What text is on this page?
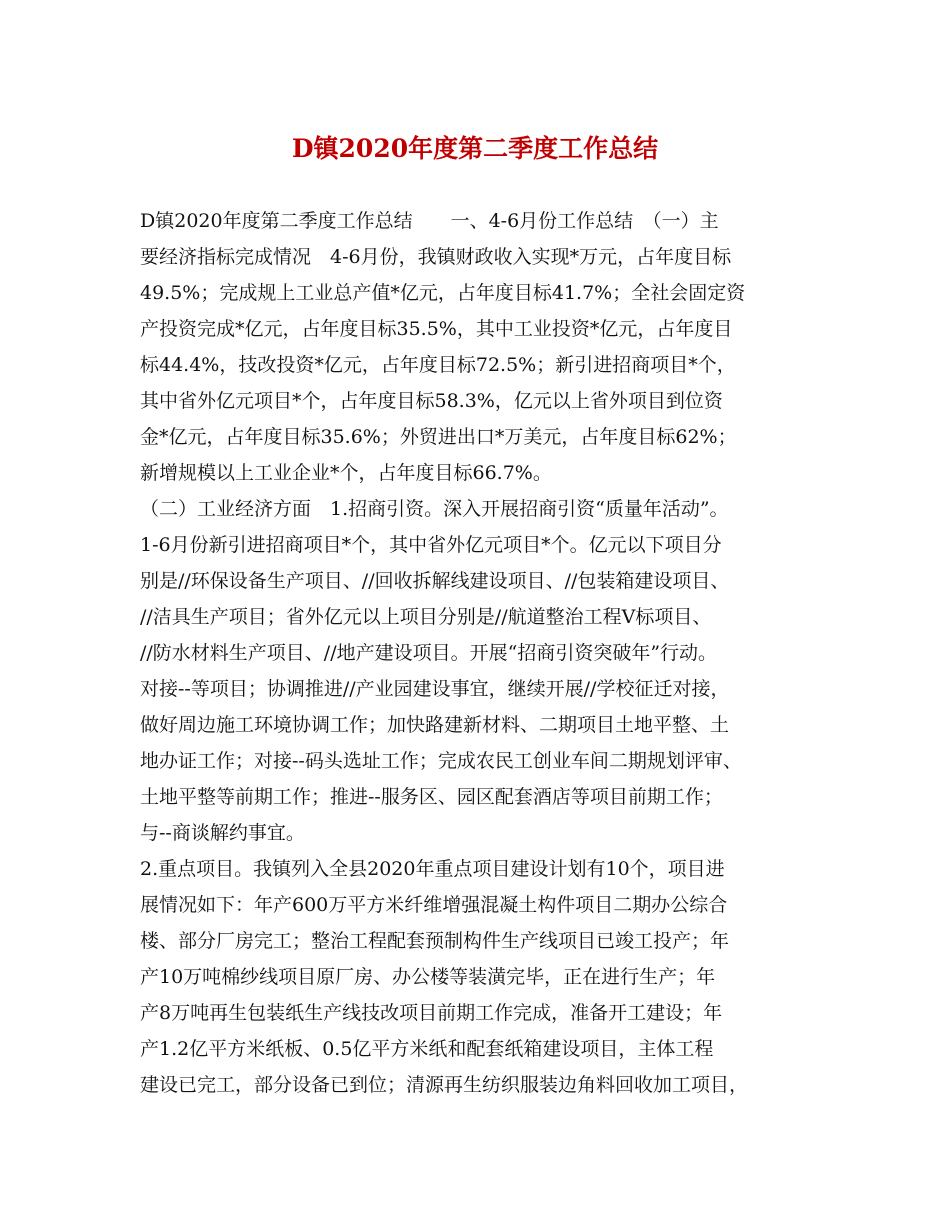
D镇2020年度第二季度工作总结
D镇2020年度第二季度工作总结　　一、4-6月份工作总结　（一）主
要经济指标完成情况　4-6月份，我镇财政收入实现*万元，占年度目标
49.5%；完成规上工业总产值*亿元，占年度目标41.7%；全社会固定资
产投资完成*亿元，占年度目标35.5%，其中工业投资*亿元，占年度目
标44.4%，技改投资*亿元，占年度目标72.5%；新引进招商项目*个，
其中省外亿元项目*个，占年度目标58.3%，亿元以上省外项目到位资
金*亿元，占年度目标35.6%；外贸进出口*万美元，占年度目标62%；
新增规模以上工业企业*个，占年度目标66.7%。
（二）工业经济方面　1.招商引资。深入开展招商引资“质量年活动”。
1-6月份新引进招商项目*个，其中省外亿元项目*个。亿元以下项目分
别是//环保设备生产项目、//回收拆解线建设项目、//包装箱建设项目、
//洁具生产项目；省外亿元以上项目分别是//航道整治工程Ⅴ标项目、
//防水材料生产项目、//地产建设项目。开展“招商引资突破年”行动。
对接--等项目；协调推进//产业园建设事宜，继续开展//学校征迁对接，
做好周边施工环境协调工作；加快路建新材料、二期项目土地平整、土
地办证工作；对接--码头选址工作；完成农民工创业车间二期规划评审、
土地平整等前期工作；推进--服务区、园区配套酒店等项目前期工作；
与--商谈解约事宜。
2.重点项目。我镇列入全县2020年重点项目建设计划有10个，项目进
展情况如下：年产600万平方米纤维增强混凝土构件项目二期办公综合
楼、部分厂房完工；整治工程配套预制构件生产线项目已竣工投产；年
产10万吨棉纱线项目原厂房、办公楼等装潢完毕，正在进行生产；年
产8万吨再生包装纸生产线技改项目前期工作完成，准备开工建设；年
产1.2亿平方米纸板、0.5亿平方米纸和配套纸箱建设项目，主体工程
建设已完工，部分设备已到位；清源再生纺织服装边角料回收加工项目，
